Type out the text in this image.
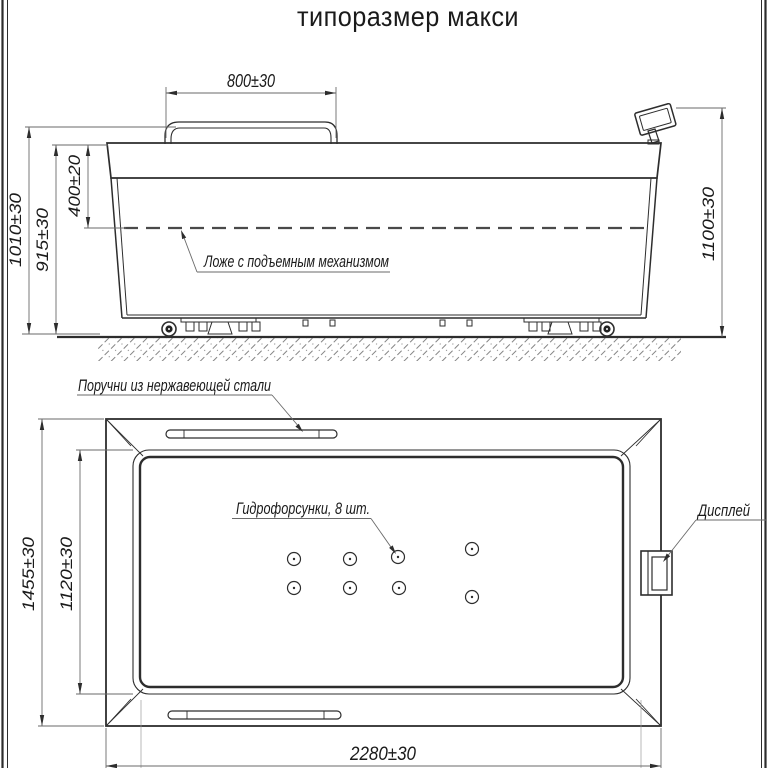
типоразмер макси
800±30
1010±30 915±30
400±20
1100±30
Ложе с подъемным механизмом
Поручни из нержавеющей стали
Гидрофорсунки, 8 шт.	Дисплей
1455±30 1120±30
2280±30
